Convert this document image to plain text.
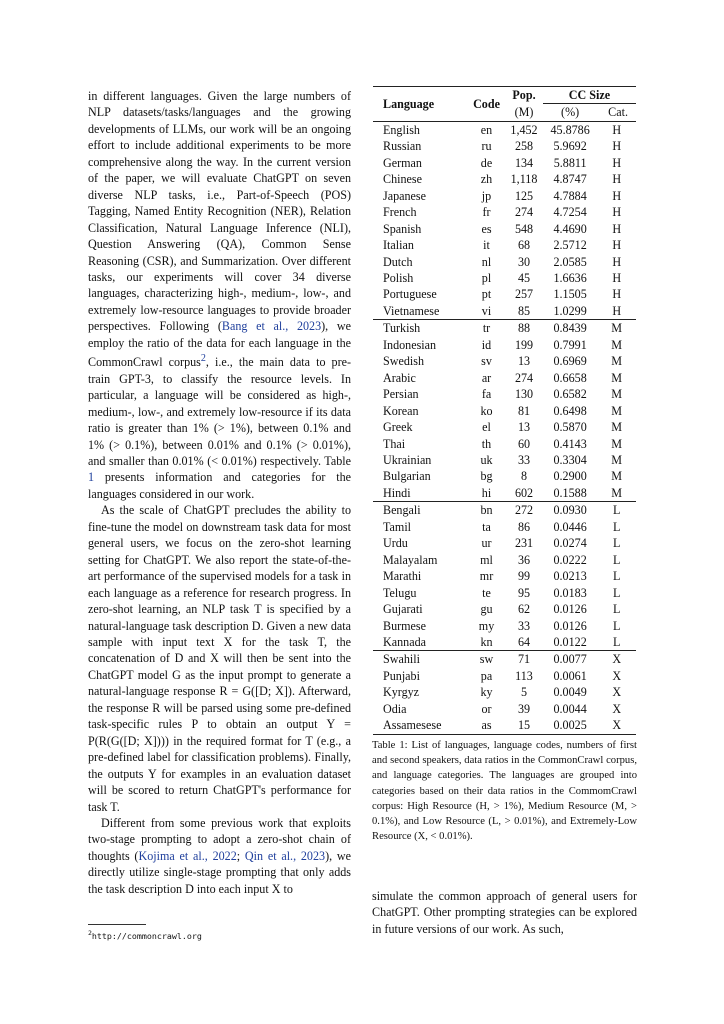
in different languages. Given the large numbers of NLP datasets/tasks/languages and the growing developments of LLMs, our work will be an ongoing effort to include additional experiments to be more comprehensive along the way. In the current version of the paper, we will evaluate ChatGPT on seven diverse NLP tasks, i.e., Part-of-Speech (POS) Tagging, Named Entity Recognition (NER), Relation Classification, Natural Language Inference (NLI), Question Answering (QA), Common Sense Reasoning (CSR), and Summarization. Over different tasks, our experiments will cover 34 diverse languages, characterizing high-, medium-, low-, and extremely low-resource languages to provide broader perspectives. Following (Bang et al., 2023), we employ the ratio of the data for each language in the CommonCrawl corpus$^2$, i.e., the main data to pre-train GPT-3, to classify the resource levels. In particular, a language will be considered as high-, medium-, low-, and extremely low-resource if its data ratio is greater than 1% (> 1%), between 0.1% and 1% (> 0.1%), between 0.01% and 0.1% (> 0.01%), and smaller than 0.01% (< 0.01%) respectively. Table 1 presents information and categories for the languages considered in our work.

As the scale of ChatGPT precludes the ability to fine-tune the model on downstream task data for most general users, we focus on the zero-shot learning setting for ChatGPT. We also report the state-of-the-art performance of the supervised models for a task in each language as a reference for research progress. In zero-shot learning, an NLP task T is specified by a natural-language task description D. Given a new data sample with input text X for the task T, the concatenation of D and X will then be sent into the ChatGPT model G as the input prompt to generate a natural-language response R = G([D; X]). Afterward, the response R will be parsed using some pre-defined task-specific rules P to obtain an output Y = P(R(G([D; X]))) in the required format for T (e.g., a pre-defined label for classification problems). Finally, the outputs Y for examples in an evaluation dataset will be scored to return ChatGPT's performance for task T.

Different from some previous work that exploits two-stage prompting to adopt a zero-shot chain of thoughts (Kojima et al., 2022; Qin et al., 2023), we directly utilize single-stage prompting that only adds the task description D into each input X to

$^2$http://commoncrawl.org
Language	Code	Pop.	CC Size	
		(M)	(%)	Cat.
English	en	1,452	45.8786	H
Russian	ru	258	5.9692	H
German	de	134	5.8811	H
Chinese	zh	1,118	4.8747	H
Japanese	jp	125	4.7884	H
French	fr	274	4.7254	H
Spanish	es	548	4.4690	H
Italian	it	68	2.5712	H
Dutch	nl	30	2.0585	H
Polish	pl	45	1.6636	H
Portuguese	pt	257	1.1505	H
Vietnamese	vi	85	1.0299	H
Turkish	tr	88	0.8439	M
Indonesian	id	199	0.7991	M
Swedish	sv	13	0.6969	M
Arabic	ar	274	0.6658	M
Persian	fa	130	0.6582	M
Korean	ko	81	0.6498	M
Greek	el	13	0.5870	M
Thai	th	60	0.4143	M
Ukrainian	uk	33	0.3304	M
Bulgarian	bg	8	0.2900	M
Hindi	hi	602	0.1588	M
Bengali	bn	272	0.0930	L
Tamil	ta	86	0.0446	L
Urdu	ur	231	0.0274	L
Malayalam	ml	36	0.0222	L
Marathi	mr	99	0.0213	L
Telugu	te	95	0.0183	L
Gujarati	gu	62	0.0126	L
Burmese	my	33	0.0126	L
Kannada	kn	64	0.0122	L
Swahili	sw	71	0.0077	X
Punjabi	pa	113	0.0061	X
Kyrgyz	ky	5	0.0049	X
Odia	or	39	0.0044	X
Assamesese	as	15	0.0025	X
Table 1: List of languages, language codes, numbers of first and second speakers, data ratios in the CommonCrawl corpus, and language categories. The languages are grouped into categories based on their data ratios in the CommomCrawl corpus: High Resource (H, > 1%), Medium Resource (M, > 0.1%), and Low Resource (L, > 0.01%), and Extremely-Low Resource (X, < 0.01%).
simulate the common approach of general users for ChatGPT. Other prompting strategies can be explored in future versions of our work. As such,
